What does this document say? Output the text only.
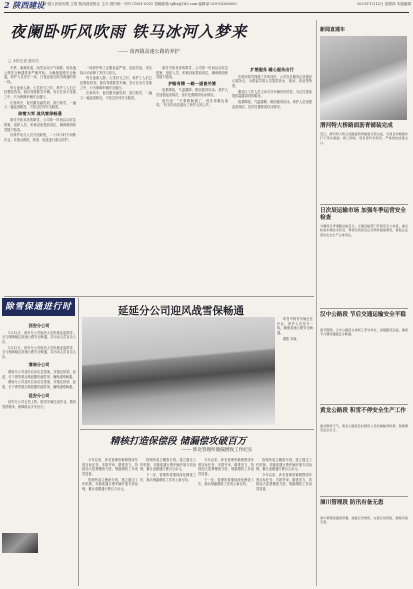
2 陕西建设 中国人民政协报 主管 陕西建设报社 主办 国内统一刊号 CN61-0021 投稿邮箱 sjlbs@163.com 编辑部 029-85260000	2023年1月12日 星期四 本版编辑
夜阑卧听风吹雨 铁马冰河入梦来
—— 谈西镇高速公路的养护
□ 本报记者 通讯员

冬季，寒潮来袭，雨雪冰冻天气频繁，给高速公路安全畅通带来严峻考验。为确保道路安全畅通，养护人员坚守一线，日夜奋战在除雪保通的第一线。

每当夜深人静，大雪纷飞之时，养护工人们已经整装待发。他们驾驶除雪车辆，穿行在冰天雪地之中，只为保障车辆安全通行。

在寒风中，他们撒布融雪剂、清扫积雪，一遍又一遍巡查路况，不放过任何安全隐患。

除雪大军 战风雪保畅通

面对突如其来的降雪，公司第一时间启动应急预案，组织人员、机械设备提前到位，确保路面积雪随下随清。

各养护站点人员分组轮班，二十四小时不间断作业，对重点路段、桥梁、匝道进行重点防护。

一线养护职工克服低温严寒，连续作战，用实际行动诠释了责任与担当。

每当夜深人静，大雪纷飞之时，养护工人们已经整装待发。他们驾驶除雪车辆，穿行在冰天雪地之中，只为保障车辆安全通行。

在寒风中，他们撒布融雪剂、清扫积雪，一遍又一遍巡查路况，不放过任何安全隐患。

面对突如其来的降雪，公司第一时间启动应急预案，组织人员、机械设备提前到位，确保路面积雪随下随清。

护路有情 一路一道皆关情

夜幕降临，气温骤降，路面极易结冰。养护人员加强巡查频次，及时处置路面结冰情况。

他们说：“只要路畅通了，再苦再累也值得。”朴实的话语道出了养护人的心声。

扩展服务 暖心服务出行

在做好除雪保通工作的同时，公司在各服务区设置爱心服务点，为滞留司乘人员提供热水、姜汤、食品等物资。

服务区工作人员主动引导车辆有序停放，为过往旅客提供温馨周到的服务。

夜幕降临，气温骤降，路面极易结冰。养护人员加强巡查频次，及时处置路面结冰情况。

新闻直通车
渭河特大桥路面沥青铺装完成
近日，渭河特大桥主线路面沥青铺装全部完成，为项目如期通车打下坚实基础。施工期间，项目部科学组织，严格把控质量关口。
日次辰运输市场 加强冬季运营安全检查
为确保冬季道路运输安全，交通运输部门开展安全大检查，重点检查车辆技术状况、驾驶员资质及应急物资储备情况，督促企业落实安全生产主体责任。
汉中公路段 节后交通运输安全平稳
春节假期，汉中公路段全体职工坚守岗位，加强路况巡查，确保节日期间道路安全畅通。
黄龙公路段 积雪不停安全生产工作
面对降雪天气，黄龙公路段及时组织人员机械除雪防滑，保障群众安全出行。
漳川管理段 防汛有备无患
漳川管理段提前部署，储备应急物资，完善应急预案，确保有备无患。
除雪保通进行时
西安分公司

1月12日，西安分公司组织人员机械连夜除雪，全力保障辖区高速公路安全畅通，共出动人员百余人次。

1月12日，西安分公司组织人员机械连夜除雪，全力保障辖区高速公路安全畅通，共出动人员百余人次。

渭南分公司

渭南分公司及时启动应急预案，对辖区桥梁、匝道、长下坡等重点路段撒布融雪剂，确保道路畅通。

渭南分公司及时启动应急预案，对辖区桥梁、匝道、长下坡等重点路段撒布融雪剂，确保道路畅通。

延安分公司

延安分公司全员上阵，除雪车辆往返作业，做到雪停路净，保障群众平安出行。

延延分公司迎风战雪保畅通

风雪中除雪车辆正在作业，养护人员坚守一线，确保高速公路安全畅通。

摄影 刘某

精核打造保偿段 储漏偿攻破百万
—— 涉北管理所储漏增收工作纪实

今年以来，涉北管理所紧紧围绕年度目标任务，多措并举，精准发力，持续加大偿费稽查力度，堵漏增收工作成效显著。

管理所成立稽查专班，建立健全工作机制，对偷逃通行费车辆开展专项治理，累计追缴通行费百万余元。

管理所成立稽查专班，建立健全工作机制，对偷逃通行费车辆开展专项治理，累计追缴通行费百万余元。

下一步，管理所将继续深化稽查工作，推动堵漏增收工作再上新台阶。

今年以来，涉北管理所紧紧围绕年度目标任务，多措并举，精准发力，持续加大偿费稽查力度，堵漏增收工作成效显著。

下一步，管理所将继续深化稽查工作，推动堵漏增收工作再上新台阶。

管理所成立稽查专班，建立健全工作机制，对偷逃通行费车辆开展专项治理，累计追缴通行费百万余元。

今年以来，涉北管理所紧紧围绕年度目标任务，多措并举，精准发力，持续加大偿费稽查力度，堵漏增收工作成效显著。
